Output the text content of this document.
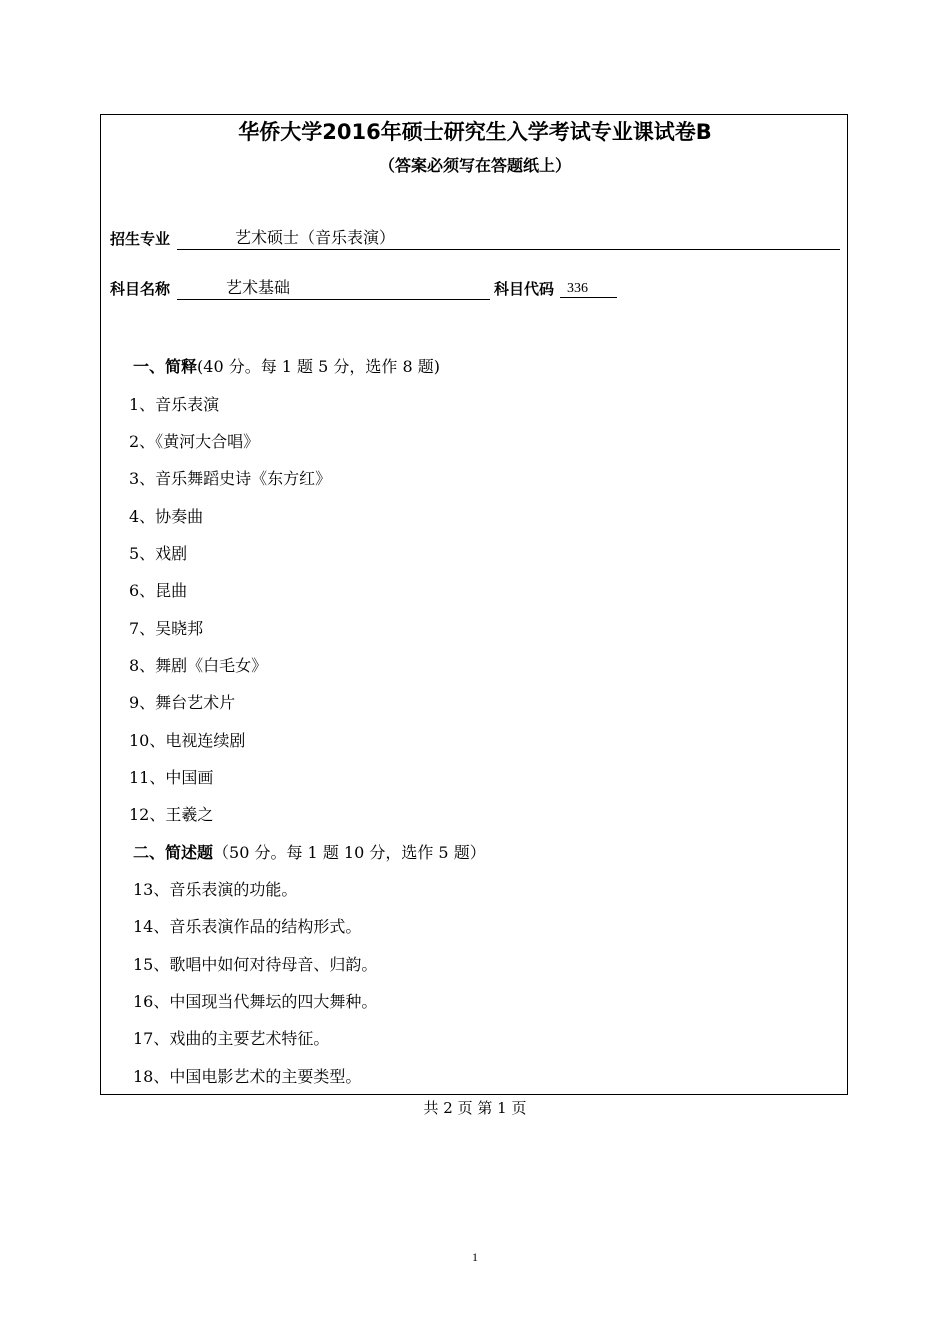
华侨大学2016年硕士研究生入学考试专业课试卷B
（答案必须写在答题纸上）
招生专业	艺术硕士（音乐表演）
科目名称	艺术基础	科目代码 336
一、简释(40 分。每 1 题 5 分，选作 8 题)
1、音乐表演
2、《黄河大合唱》
3、音乐舞蹈史诗《东方红》
4、协奏曲
5、戏剧
6、昆曲
7、吴晓邦
8、舞剧《白毛女》
9、舞台艺术片
10、电视连续剧
11、中国画
12、王羲之
二、简述题（50 分。每 1 题 10 分，选作 5 题）
13、音乐表演的功能。
14、音乐表演作品的结构形式。
15、歌唱中如何对待母音、归韵。
16、中国现当代舞坛的四大舞种。
17、戏曲的主要艺术特征。
18、中国电影艺术的主要类型。
共 2 页 第 1 页
1
